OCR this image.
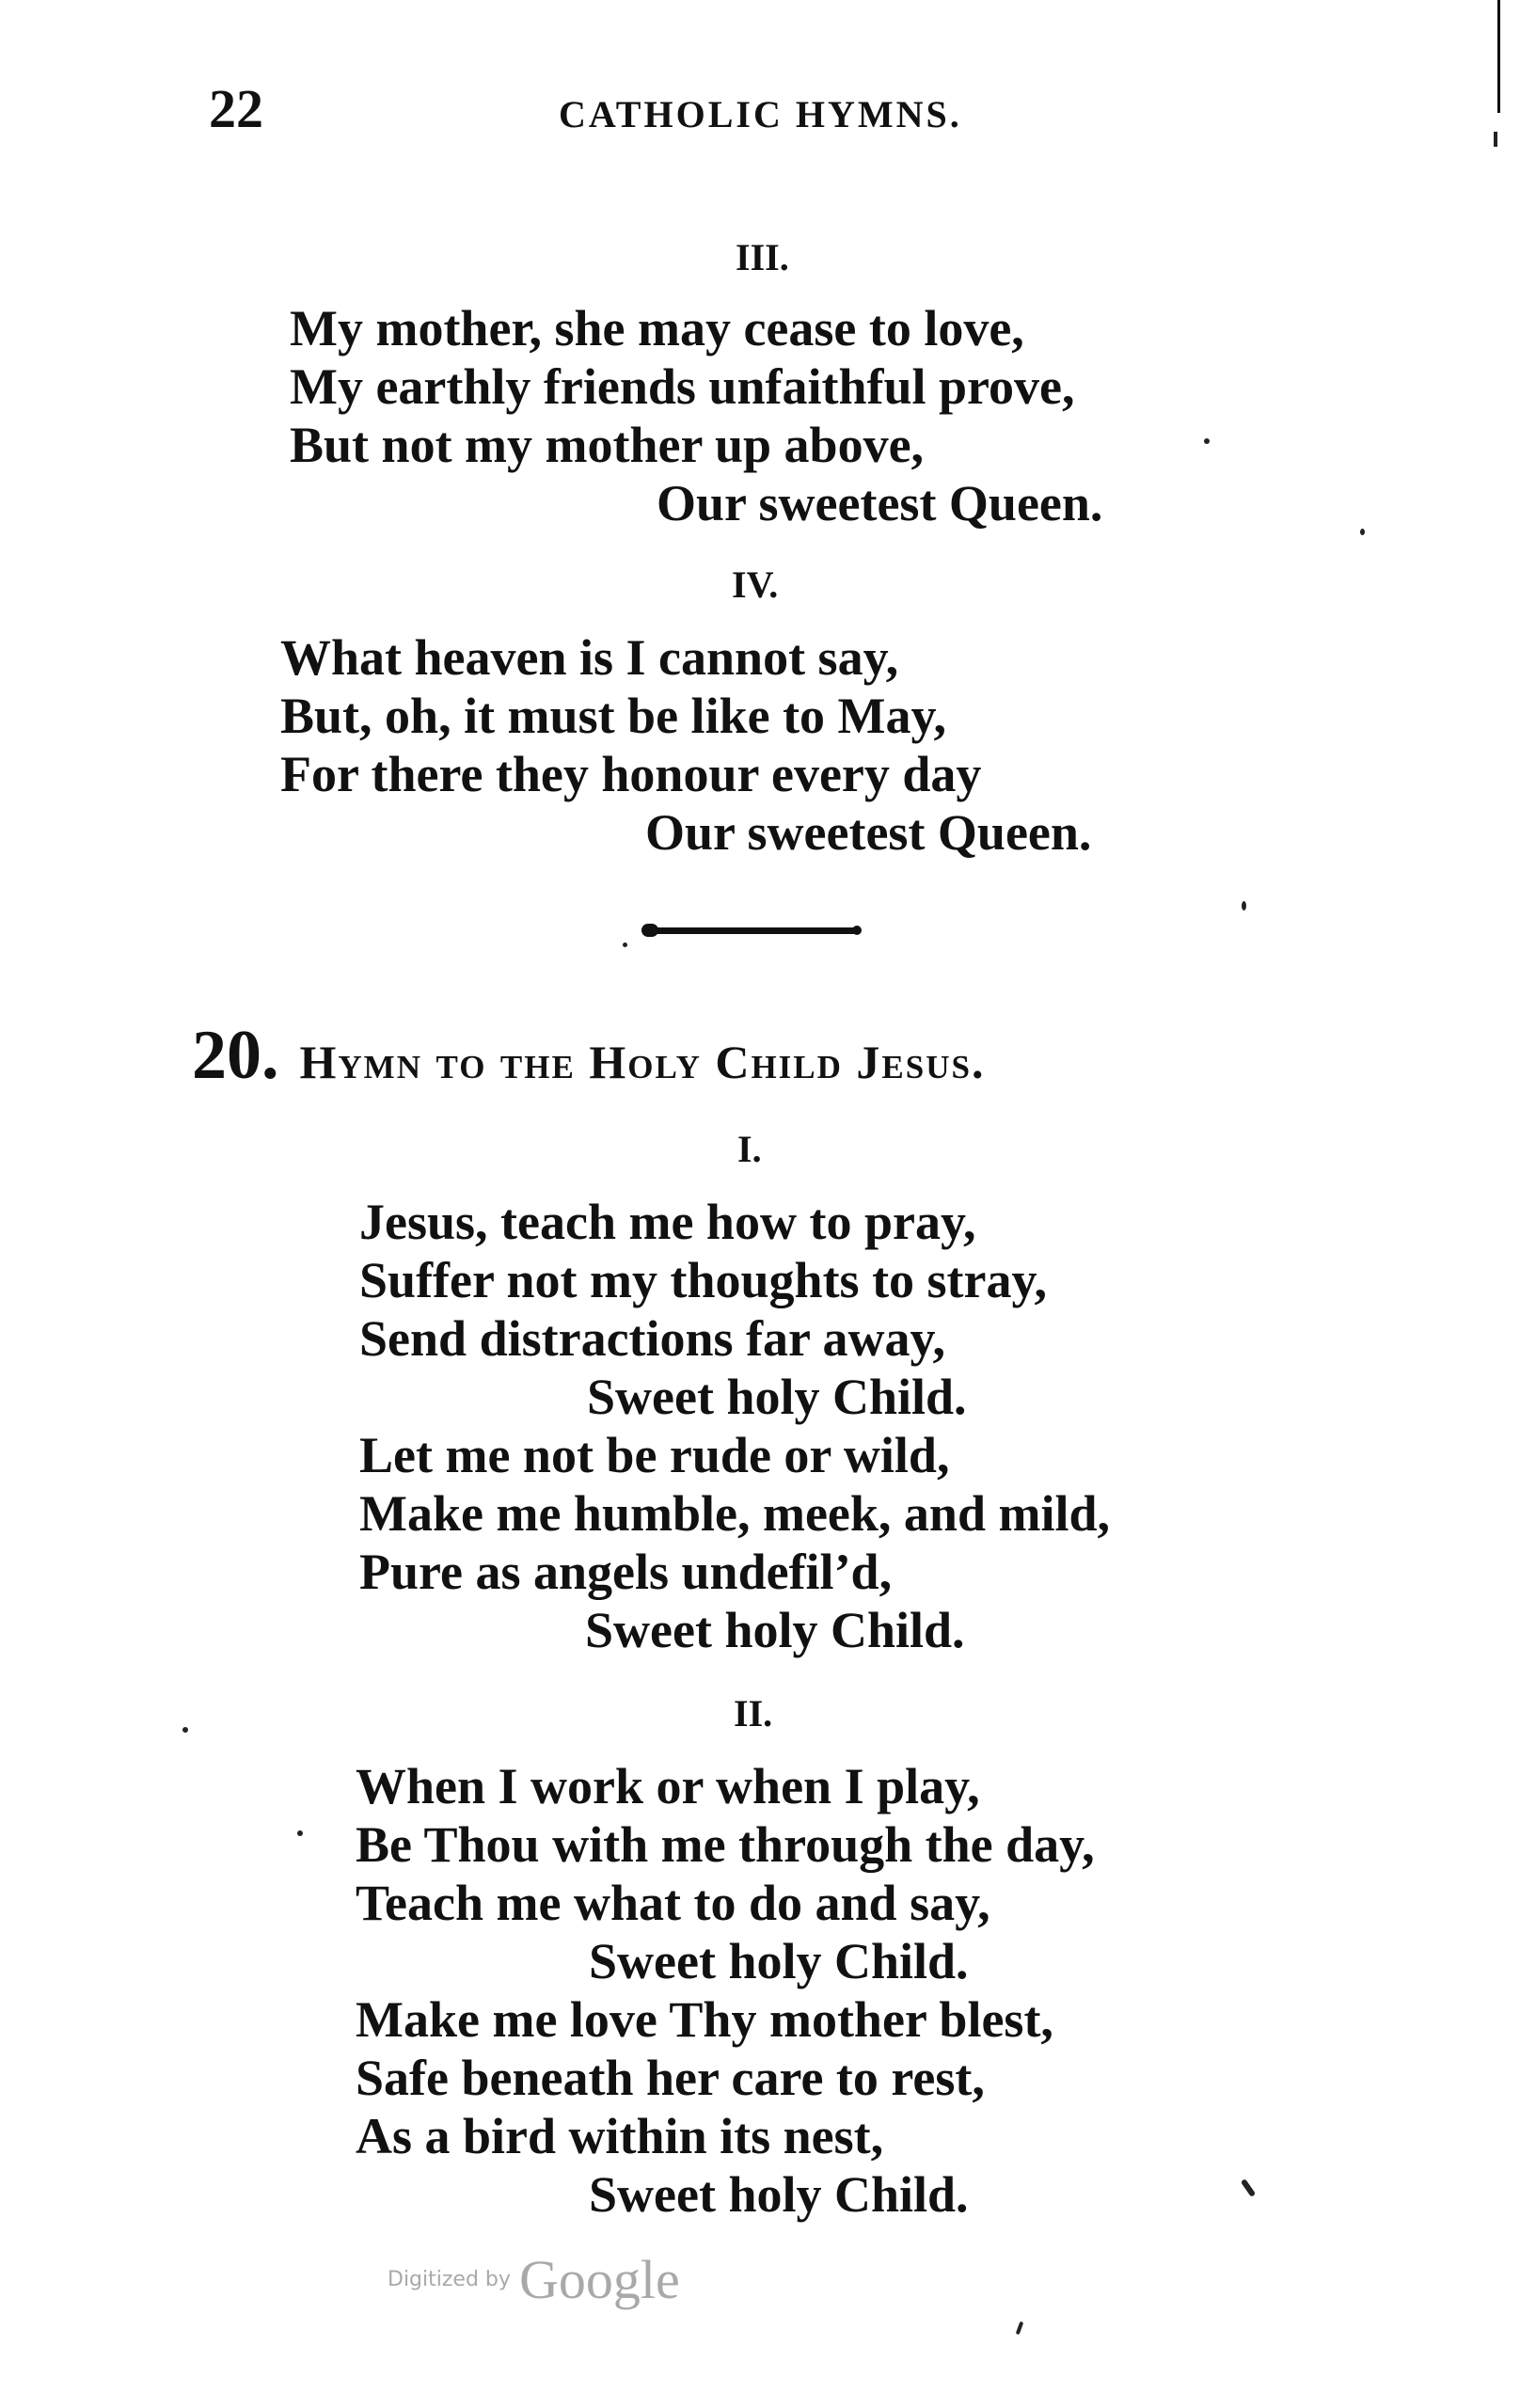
22	CATHOLIC HYMNS.
III.
My mother, she may cease to love,
My earthly friends unfaithful prove,
But not my mother up above,
Our sweetest Queen.
IV.
What heaven is I cannot say,
But, oh, it must be like to May,
For there they honour every day
Our sweetest Queen.
20. Hymn to the Holy Child Jesus.
I.
Jesus, teach me how to pray,
Suffer not my thoughts to stray,
Send distractions far away,
Sweet holy Child.
Let me not be rude or wild,
Make me humble, meek, and mild,
Pure as angels undefil’d,
Sweet holy Child.
II.
When I work or when I play,
Be Thou with me through the day,
Teach me what to do and say,
Sweet holy Child.
Make me love Thy mother blest,
Safe beneath her care to rest,
As a bird within its nest,
Sweet holy Child.
Digitized by Google
